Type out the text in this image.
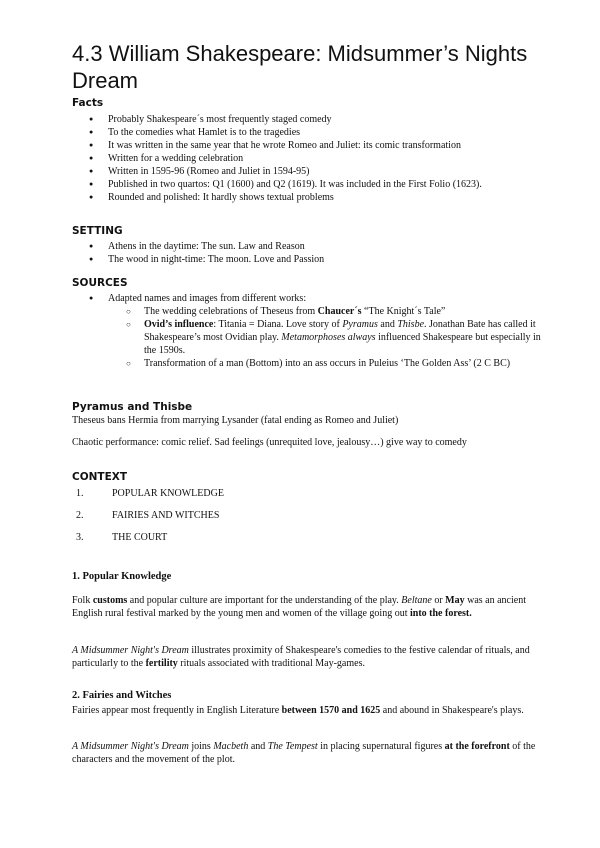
4.3 William Shakespeare: Midsummer’s Nights Dream
Facts
● Probably Shakespeare´s most frequently staged comedy
● To the comedies what Hamlet is to the tragedies
● It was written in the same year that he wrote Romeo and Juliet: its comic transformation
● Written for a wedding celebration
● Written in 1595-96 (Romeo and Juliet in 1594-95)
● Published in two quartos: Q1 (1600) and Q2 (1619). It was included in the First Folio (1623).
● Rounded and polished: It hardly shows textual problems
SETTING
● Athens in the daytime: The sun. Law and Reason
● The wood in night-time: The moon. Love and Passion
SOURCES
● Adapted names and images from different works:
○ The wedding celebrations of Theseus from Chaucer´s “The Knight´s Tale”
○ Ovid’s influence: Titania = Diana. Love story of Pyramus and Thisbe. Jonathan Bate has called it Shakespeare’s most Ovidian play. Metamorphoses always influenced Shakespeare but especially in the 1590s.
○ Transformation of a man (Bottom) into an ass occurs in Puleius ‘The Golden Ass’ (2 C BC)
Pyramus and Thisbe

Theseus bans Hermia from marrying Lysander (fatal ending as Romeo and Juliet)

Chaotic performance: comic relief. Sad feelings (unrequited love, jealousy…) give way to comedy

CONTEXT
1.	POPULAR KNOWLEDGE
2.	FAIRIES AND WITCHES
3.	THE COURT
1. Popular Knowledge

Folk customs and popular culture are important for the understanding of the play. Beltane or May was an ancient English rural festival marked by the young men and women of the village going out into the forest.

A Midsummer Night's Dream illustrates proximity of Shakespeare's comedies to the festive calendar of rituals, and particularly to the fertility rituals associated with traditional May-games.

2. Fairies and Witches

Fairies appear most frequently in English Literature between 1570 and 1625 and abound in Shakespeare's plays.

A Midsummer Night's Dream joins Macbeth and The Tempest in placing supernatural figures at the forefront of the characters and the movement of the plot.
